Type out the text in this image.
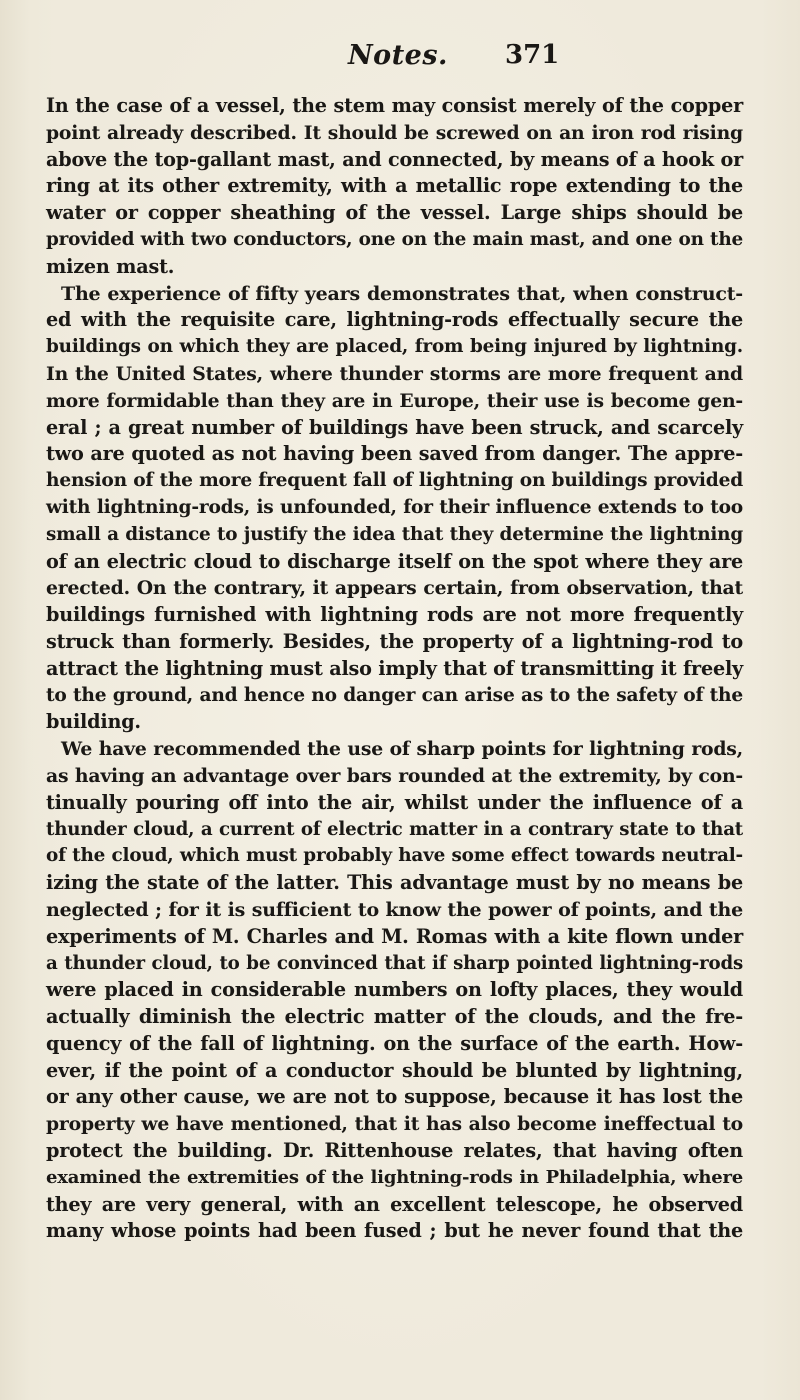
Notes. 371
In the case of a vessel, the stem may consist merely of the copper
point already described. It should be screwed on an iron rod rising
above the top-gallant mast, and connected, by means of a hook or
ring at its other extremity, with a metallic rope extending to the
water or copper sheathing of the vessel. Large ships should be
provided with two conductors, one on the main mast, and one on the
mizen mast.
The experience of fifty years demonstrates that, when construct-
ed with the requisite care, lightning-rods effectually secure the
buildings on which they are placed, from being injured by lightning.
In the United States, where thunder storms are more frequent and
more formidable than they are in Europe, their use is become gen-
eral ; a great number of buildings have been struck, and scarcely
two are quoted as not having been saved from danger. The appre-
hension of the more frequent fall of lightning on buildings provided
with lightning-rods, is unfounded, for their influence extends to too
small a distance to justify the idea that they determine the lightning
of an electric cloud to discharge itself on the spot where they are
erected. On the contrary, it appears certain, from observation, that
buildings furnished with lightning rods are not more frequently
struck than formerly. Besides, the property of a lightning-rod to
attract the lightning must also imply that of transmitting it freely
to the ground, and hence no danger can arise as to the safety of the
building.
We have recommended the use of sharp points for lightning rods,
as having an advantage over bars rounded at the extremity, by con-
tinually pouring off into the air, whilst under the influence of a
thunder cloud, a current of electric matter in a contrary state to that
of the cloud, which must probably have some effect towards neutral-
izing the state of the latter. This advantage must by no means be
neglected ; for it is sufficient to know the power of points, and the
experiments of M. Charles and M. Romas with a kite flown under
a thunder cloud, to be convinced that if sharp pointed lightning-rods
were placed in considerable numbers on lofty places, they would
actually diminish the electric matter of the clouds, and the fre-
quency of the fall of lightning. on the surface of the earth. How-
ever, if the point of a conductor should be blunted by lightning,
or any other cause, we are not to suppose, because it has lost the
property we have mentioned, that it has also become ineffectual to
protect the building. Dr. Rittenhouse relates, that having often
examined the extremities of the lightning-rods in Philadelphia, where
they are very general, with an excellent telescope, he observed
many whose points had been fused ; but he never found that the
